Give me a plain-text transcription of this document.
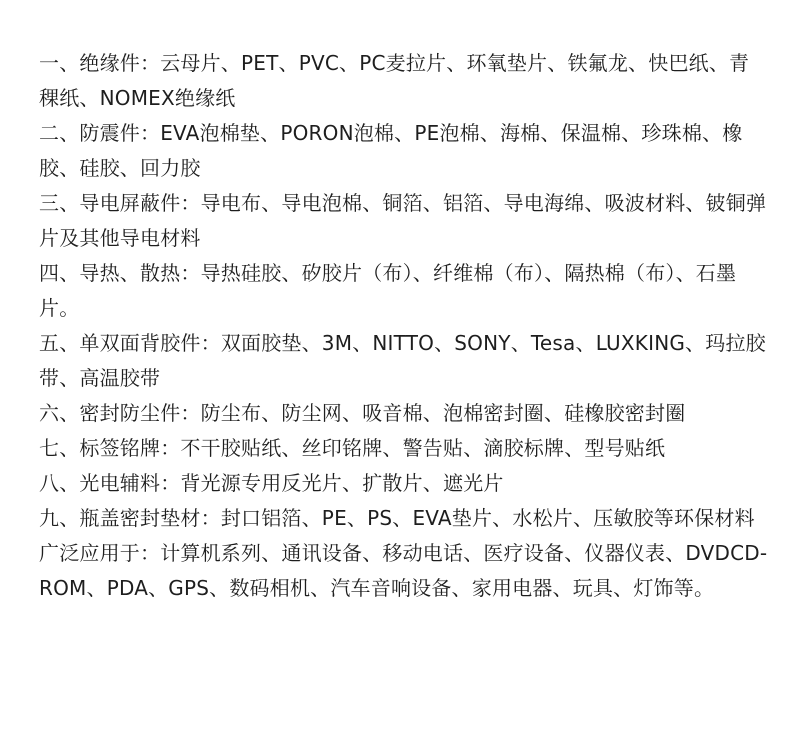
一、绝缘件：云母片、PET、PVC、PC麦拉片、环氧垫片、铁氟龙、快巴纸、青稞纸、NOMEX绝缘纸

二、防震件：EVA泡棉垫、PORON泡棉、PE泡棉、海棉、保温棉、珍珠棉、橡胶、硅胶、回力胶

三、导电屏蔽件：导电布、导电泡棉、铜箔、铝箔、导电海绵、吸波材料、铍铜弹片及其他导电材料

四、导热、散热：导热硅胶、矽胶片（布）、纤维棉（布）、隔热棉（布）、石墨片。

五、单双面背胶件：双面胶垫、3M、NITTO、SONY、Tesa、LUXKING、玛拉胶带、高温胶带

六、密封防尘件：防尘布、防尘网、吸音棉、泡棉密封圈、硅橡胶密封圈

七、标签铭牌：不干胶贴纸、丝印铭牌、警告贴、滴胶标牌、型号贴纸

八、光电辅料：背光源专用反光片、扩散片、遮光片

九、瓶盖密封垫材：封口铝箔、PE、PS、EVA垫片、水松片、压敏胶等环保材料

广泛应用于：计算机系列、通讯设备、移动电话、医疗设备、仪器仪表、DVDCD-ROM、PDA、GPS、数码相机、汽车音响设备、家用电器、玩具、灯饰等。
